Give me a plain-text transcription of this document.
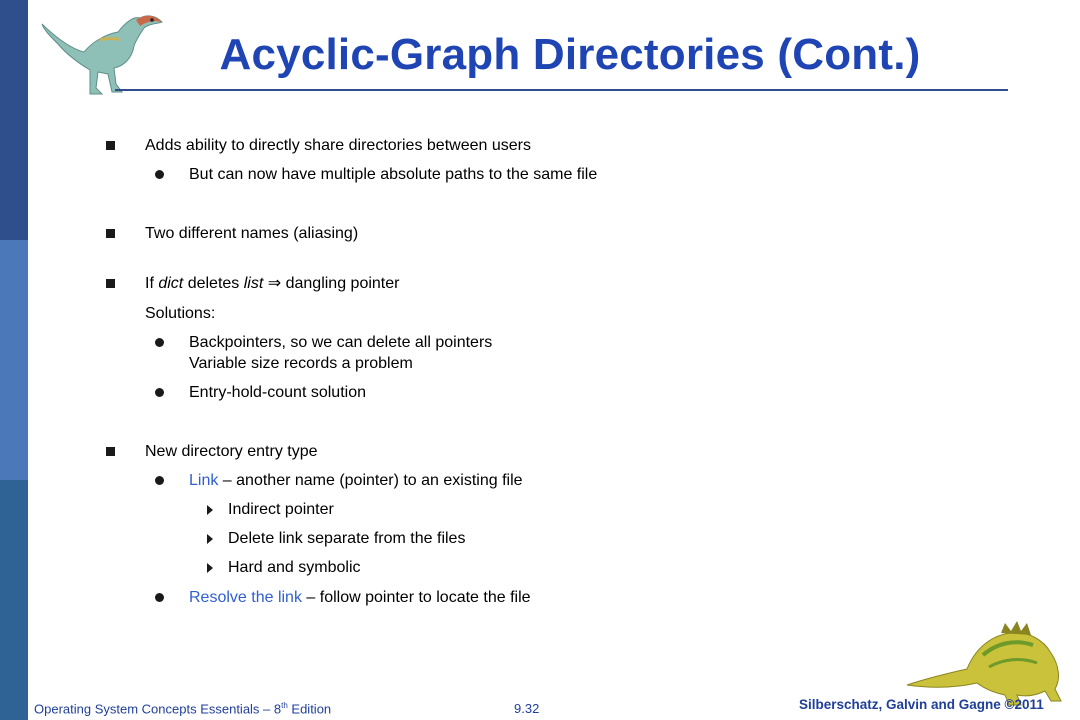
Acyclic-Graph Directories (Cont.)
Adds ability to directly share directories between users
But can now have multiple absolute paths to the same file
Two different names (aliasing)
If dict deletes list ⇒ dangling pointer
Solutions:
Backpointers, so we can delete all pointers
Variable size records a problem
Entry-hold-count solution
New directory entry type
Link – another name (pointer) to an existing file
Indirect pointer
Delete link separate from the files
Hard and symbolic
Resolve the link – follow pointer to locate the file
Operating System Concepts Essentials – 8th Edition	9.32	Silberschatz, Galvin and Gagne ©2011
